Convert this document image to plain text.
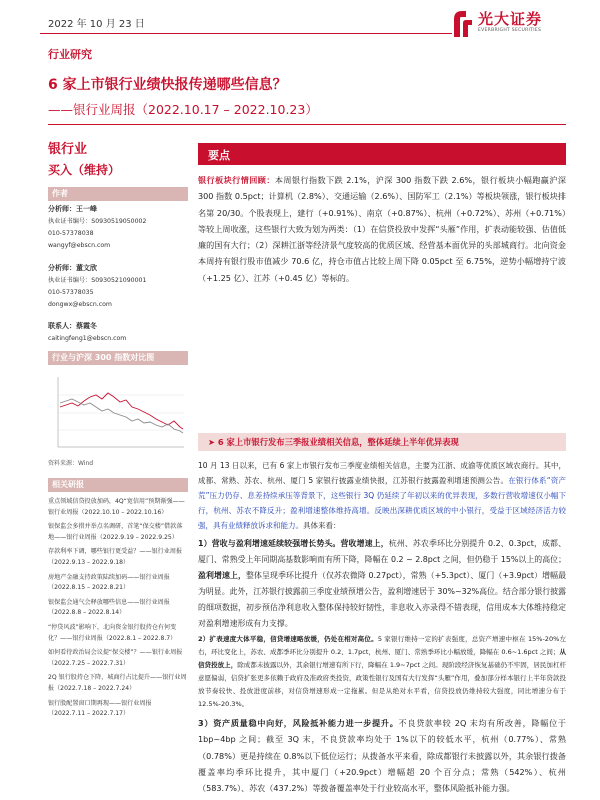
2022 年 10 月 23 日	光大证券
EVERBRIGHT SECURITIES
行业研究
6 家上市银行业绩快报传递哪些信息？
——银行业周报（2022.10.17 – 2022.10.23）
银行业
买入（维持）
作者
分析师：王一峰
执业证书编号：S0930519050002
010-57378038
wangyf@ebscn.com
分析师：董文欣
执业证书编号：S0930521090001
010-57378035
dongwx@ebscn.com
联系人：蔡霞冬
caitingfeng1@ebscn.com
行业与沪深 300 指数对比图
资料来源：Wind
相关研报
重点领域信贷投放加码，4Q“宽信用”预期渐强——银行业周报（2022.10.10 – 2022.10.16）
银保监会多措并举点名调研，首笔“保交楼”借款落地——银行业周报（2022.9.19 – 2022.9.25）
存款利率下调，哪些银行更受益？——银行业周报（2022.9.13 – 2022.9.18）
房地产金融支持政策陆续加码——银行业周报（2022.8.15 – 2022.8.21）
银保监会通气会释放哪些信息——银行业周报（2022.8.8 – 2022.8.14）
“停贷风波”影响下，北向资金银行股持仓有何变化？——银行业周报（2022.8.1 – 2022.8.7）
如何看待政治局会议提“保交楼”？——银行业周报（2022.7.25 – 2022.7.31）
2Q 银行股持仓下降，城商行占比提升——银行业周报（2022.7.18 – 2022.7.24）
银行股配置窗口期再现——银行业周报（2022.7.11 – 2022.7.17）
要点
银行板块行情回顾：本周银行指数下跌 2.1%，沪深 300 指数下跌 2.6%，银行板块小幅跑赢沪深 300 指数 0.5pct；计算机（2.8%）、交通运输（2.6%）、国防军工（2.1%）等板块领涨，银行板块排名第 20/30。个股表现上，建行（+0.91%）、南京（+0.87%）、杭州（+0.72%）、苏州（+0.71%）等较上周收涨，这些银行大致为划为两类：（1）在信贷投放中发挥“头雁”作用，扩表动能较强、估值低廉的国有大行；（2）深耕江浙等经济景气度较高的优质区域、经营基本面优异的头部城商行。北向资金本周持有银行股市值减少 70.6 亿，持仓市值占比较上周下降 0.05pct 至 6.75%，逆势小幅增持宁波（+1.25 亿）、江苏（+0.45 亿）等标的。
➤ 6 家上市银行发布三季报业绩相关信息，整体延续上半年优异表现
10 月 13 日以来，已有 6 家上市银行发布三季度业绩相关信息，主要为江浙、成渝等优质区域农商行。其中，成都、常熟、苏农、杭州、厦门 5 家银行披露业绩快报，江苏银行披露盈利增速预测公告。在银行体系“资产荒”压力仍存、息差持续承压等背景下，这些银行 3Q 仍延续了年初以来的优异表现，多数行营收增速仅小幅下行，杭州、苏农不降反升；盈利增速整体维持高增。反映出深耕优质区域的中小银行，受益于区域经济活力较强，具有业绩释放诉求和能力。具体来看：
1）营收与盈利增速延续较强增长势头。营收增速上，杭州、苏农季环比分别提升 0.2、0.3pct，成都、厦门、常熟受上年同期高基数影响而有所下降，降幅在 0.2 ~ 2.8pct 之间，但仍稳于 15%以上的高位；盈利增速上，整体呈现季环比提升（仅苏农微降 0.27pct），常熟（+5.3pct）、厦门（+3.9pct）增幅最为明显。此外，江苏银行披露前三季度业绩预增公告，盈利增速居于 30%~32%高位。结合部分银行披露的细项数据，初步预估净利息收入整体保持较好韧性，非息收入亦录得不错表现，信用成本大体维持稳定对盈利增速形成有力支撑。
2）扩表速度大体平稳，信贷增速略放缓，仍处在相对高位。5 家银行维持一定的扩表强度，总资产增速中枢在 15%-20%左右，环比变化上，苏农、成都季环比分别提升 0.2、1.7pct，杭州、厦门、常熟季环比小幅放缓，降幅在 0.6~1.6pct 之间；从信贷投放上，除成都未披露以外，其余银行增速有所下行，降幅在 1.9~7pct 之间。现阶段经济恢复基础仍不牢固，居民加杠杆意愿偏弱，信贷扩张更多依赖于政府及准政府类投资，政策性银行及国有大行发挥“头雁”作用，叠加部分样本银行上半年贷款投放节奏较快、投放进度前移，对信贷增速形成一定拖累。但是从绝对水平看，信贷投放仍维持较大强度，同比增速分布于 12.5%-20.3%。
3）资产质量稳中向好，风险抵补能力进一步提升。不良贷款率较 2Q 末均有所改善，降幅位于 1bp~4bp 之间；截至 3Q 末，不良贷款率均处于 1%以下的较低水平，杭州（0.77%）、常熟（0.78%）更是持续在 0.8%以下低位运行；从拨备水平来看，除成都银行未披露以外，其余银行拨备覆盖率均季环比提升，其中厦门（+20.9pct）增幅超 20 个百分点；常熟（542%）、杭州（583.7%）、苏农（437.2%）等拨备覆盖率处于行业较高水平，整体风险抵补能力强。
